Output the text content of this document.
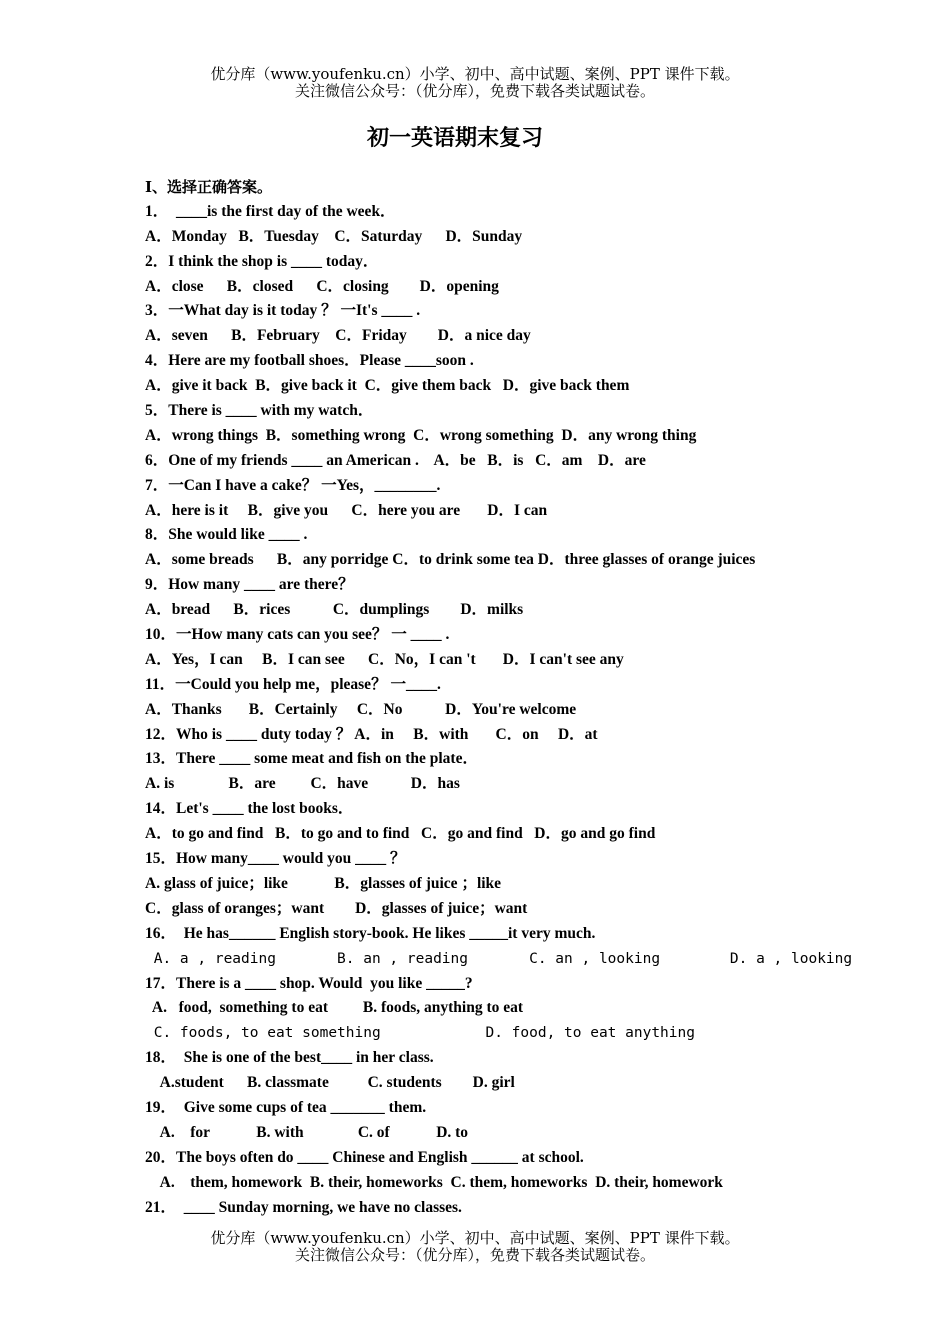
优分库（www.youfenku.cn）小学、初中、高中试题、案例、PPT 课件下载。
关注微信公众号：（优分库），免费下载各类试题试卷。
初一英语期末复习
I、选择正确答案。
1．  ____is the first day of the week．
A．Monday   B．Tuesday    C．Saturday      D．Sunday
2．I think the shop is ____ today．
A．close      B．closed      C．closing        D．opening
3．一What day is it today ？ 一It's ____ .
A．seven      B．February    C．Friday        D．a nice day
4．Here are my football shoes．Please ____soon .
A．give it back  B．give back it  C．give them back   D．give back them
5．There is ____ with my watch．
A．wrong things  B．something wrong  C．wrong something  D．any wrong thing
6．One of my friends ____ an American .    A．be   B．is   C．am    D．are
7．一Can I have a cake？ 一Yes，________.
A．here is it     B．give you      C．here you are       D．I can
8．She would like ____ .
A．some breads      B．any porridge C．to drink some tea D．three glasses of orange juices
9．How many ____ are there？
A．bread      B．rices           C．dumplings        D．milks
10．一How many cats can you see？ 一 ____ .
A．Yes，I can     B．I can see      C．No，I can 't       D．I can't see any
11．一Could you help me，please？ 一____.
A．Thanks       B．Certainly     C．No           D．You're welcome
12．Who is ____ duty today ？ A．in     B．with       C．on     D．at
13．There ____ some meat and fish on the plate．
A. is              B．are         C．have           D．has
14．Let's ____ the lost books．
A．to go and find   B．to go and to find   C．go and find   D．go and go find
15．How many____ would you ____ ？
A. glass of juice；like            B．glasses of juice ；like
C．glass of oranges；want        D．glasses of juice；want
16．  He has______ English story-book. He likes _____it very much.
A. a , reading       B. an , reading       C. an , looking        D. a , looking
17．There is a ____ shop. Would  you like _____?
A.   food,  something to eat         B. foods, anything to eat
C. foods, to eat something            D. food, to eat anything
18．  She is one of the best____ in her class.
A.student      B. classmate          C. students        D. girl
19．  Give some cups of tea _______ them.
A.    for            B. with              C. of            D. to
20．The boys often do ____ Chinese and English ______ at school.
A.    them, homework  B. their, homeworks  C. them, homeworks  D. their, homework
21．  ____ Sunday morning, we have no classes.
优分库（www.youfenku.cn）小学、初中、高中试题、案例、PPT 课件下载。
关注微信公众号：（优分库），免费下载各类试题试卷。
